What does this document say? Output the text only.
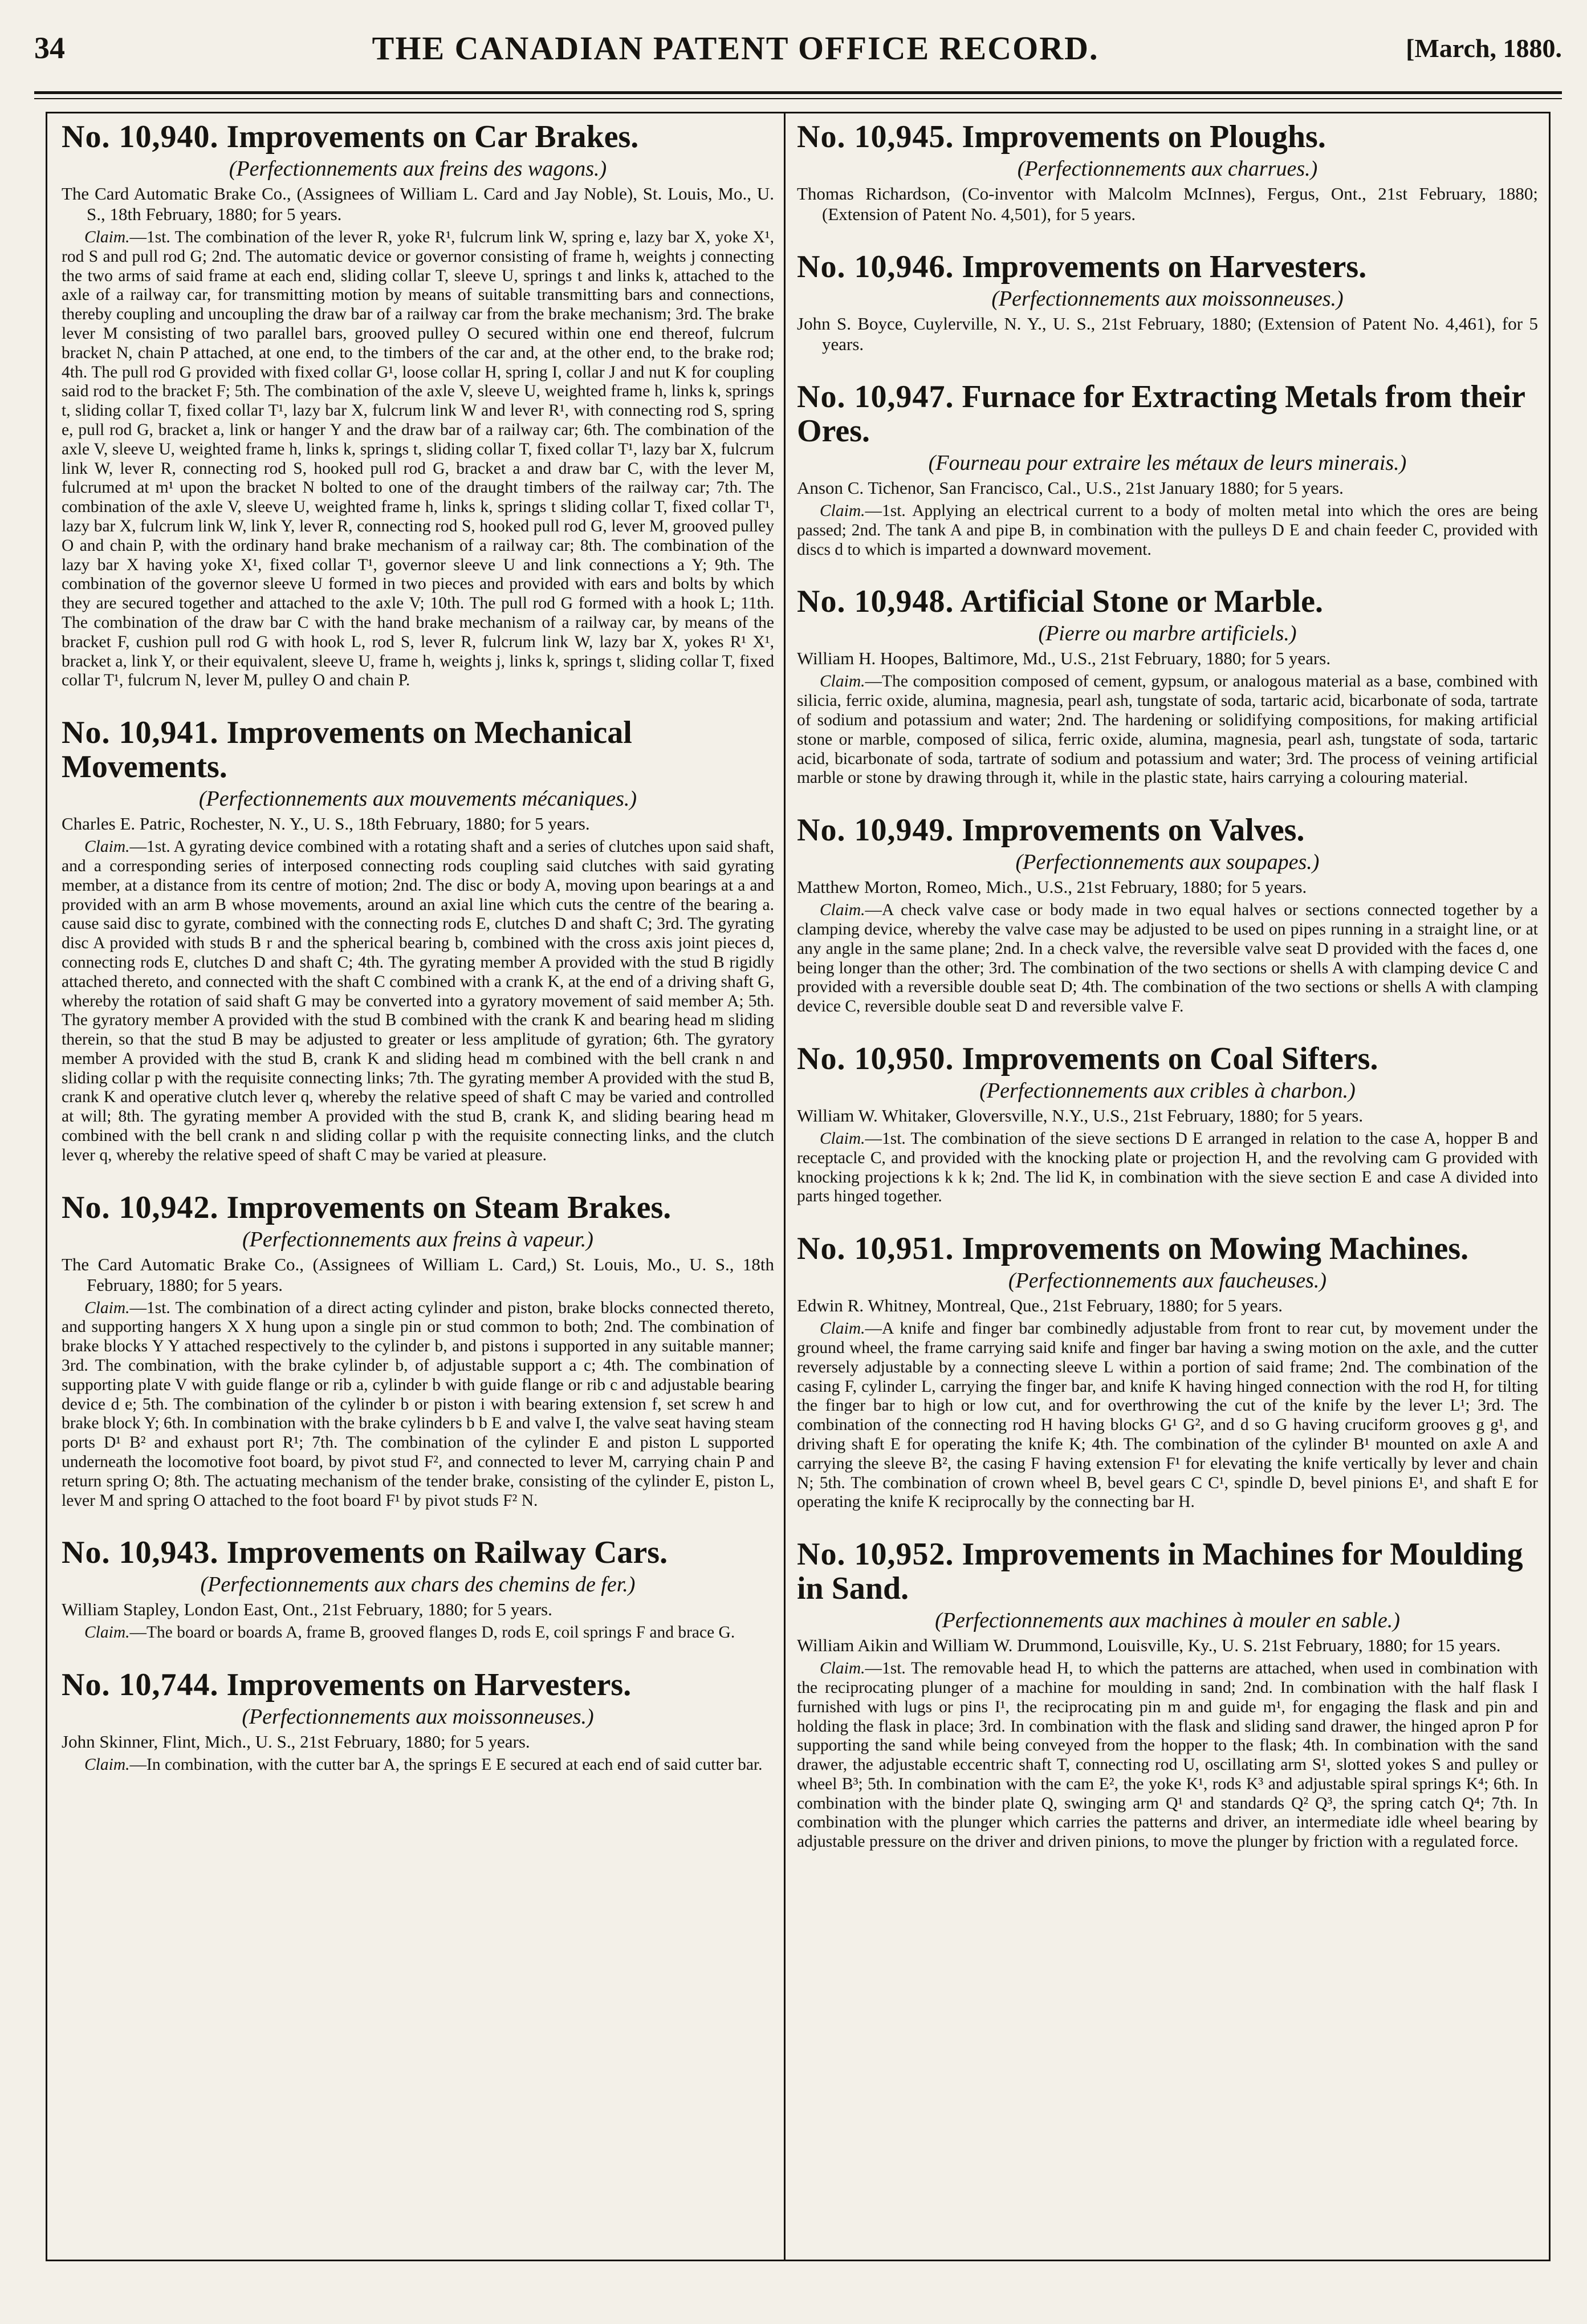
34	THE CANADIAN PATENT OFFICE RECORD.	[March, 1880.
No. 10,940. Improvements on Car Brakes.
(Perfectionnements aux freins des wagons.)
The Card Automatic Brake Co., (Assignees of William L. Card and Jay Noble), St. Louis, Mo., U. S., 18th February, 1880; for 5 years.

Claim.—1st. The combination of the lever R, yoke R¹, fulcrum link W, spring e, lazy bar X, yoke X¹, rod S and pull rod G; 2nd. The automatic device or governor consisting of frame h, weights j connecting the two arms of said frame at each end, sliding collar T, sleeve U, springs t and links k, attached to the axle of a railway car, for transmitting motion by means of suitable transmitting bars and connections, thereby coupling and uncoupling the draw bar of a railway car from the brake mechanism; 3rd. The brake lever M consisting of two parallel bars, grooved pulley O secured within one end thereof, fulcrum bracket N, chain P attached, at one end, to the timbers of the car and, at the other end, to the brake rod; 4th. The pull rod G provided with fixed collar G¹, loose collar H, spring I, collar J and nut K for coupling said rod to the bracket F; 5th. The combination of the axle V, sleeve U, weighted frame h, links k, springs t, sliding collar T, fixed collar T¹, lazy bar X, fulcrum link W and lever R¹, with connecting rod S, spring e, pull rod G, bracket a, link or hanger Y and the draw bar of a railway car; 6th. The combination of the axle V, sleeve U, weighted frame h, links k, springs t, sliding collar T, fixed collar T¹, lazy bar X, fulcrum link W, lever R, connecting rod S, hooked pull rod G, bracket a and draw bar C, with the lever M, fulcrumed at m¹ upon the bracket N bolted to one of the draught timbers of the railway car; 7th. The combination of the axle V, sleeve U, weighted frame h, links k, springs t sliding collar T, fixed collar T¹, lazy bar X, fulcrum link W, link Y, lever R, connecting rod S, hooked pull rod G, lever M, grooved pulley O and chain P, with the ordinary hand brake mechanism of a railway car; 8th. The combination of the lazy bar X having yoke X¹, fixed collar T¹, governor sleeve U and link connections a Y; 9th. The combination of the governor sleeve U formed in two pieces and provided with ears and bolts by which they are secured together and attached to the axle V; 10th. The pull rod G formed with a hook L; 11th. The combination of the draw bar C with the hand brake mechanism of a railway car, by means of the bracket F, cushion pull rod G with hook L, rod S, lever R, fulcrum link W, lazy bar X, yokes R¹ X¹, bracket a, link Y, or their equivalent, sleeve U, frame h, weights j, links k, springs t, sliding collar T, fixed collar T¹, fulcrum N, lever M, pulley O and chain P.

No. 10,941. Improvements on Mechanical Movements.
(Perfectionnements aux mouvements mécaniques.)
Charles E. Patric, Rochester, N. Y., U. S., 18th February, 1880; for 5 years.

Claim.—1st. A gyrating device combined with a rotating shaft and a series of clutches upon said shaft, and a corresponding series of interposed connecting rods coupling said clutches with said gyrating member, at a distance from its centre of motion; 2nd. The disc or body A, moving upon bearings at a and provided with an arm B whose movements, around an axial line which cuts the centre of the bearing a. cause said disc to gyrate, combined with the connecting rods E, clutches D and shaft C; 3rd. The gyrating disc A provided with studs B r and the spherical bearing b, combined with the cross axis joint pieces d, connecting rods E, clutches D and shaft C; 4th. The gyrating member A provided with the stud B rigidly attached thereto, and connected with the shaft C combined with a crank K, at the end of a driving shaft G, whereby the rotation of said shaft G may be converted into a gyratory movement of said member A; 5th. The gyratory member A provided with the stud B combined with the crank K and bearing head m sliding therein, so that the stud B may be adjusted to greater or less amplitude of gyration; 6th. The gyratory member A provided with the stud B, crank K and sliding head m combined with the bell crank n and sliding collar p with the requisite connecting links; 7th. The gyrating member A provided with the stud B, crank K and operative clutch lever q, whereby the relative speed of shaft C may be varied and controlled at will; 8th. The gyrating member A provided with the stud B, crank K, and sliding bearing head m combined with the bell crank n and sliding collar p with the requisite connecting links, and the clutch lever q, whereby the relative speed of shaft C may be varied at pleasure.

No. 10,942. Improvements on Steam Brakes.
(Perfectionnements aux freins à vapeur.)
The Card Automatic Brake Co., (Assignees of William L. Card,) St. Louis, Mo., U. S., 18th February, 1880; for 5 years.

Claim.—1st. The combination of a direct acting cylinder and piston, brake blocks connected thereto, and supporting hangers X X hung upon a single pin or stud common to both; 2nd. The combination of brake blocks Y Y attached respectively to the cylinder b, and pistons i supported in any suitable manner; 3rd. The combination, with the brake cylinder b, of adjustable support a c; 4th. The combination of supporting plate V with guide flange or rib a, cylinder b with guide flange or rib c and adjustable bearing device d e; 5th. The combination of the cylinder b or piston i with bearing extension f, set screw h and brake block Y; 6th. In combination with the brake cylinders b b E and valve I, the valve seat having steam ports D¹ B² and exhaust port R¹; 7th. The combination of the cylinder E and piston L supported underneath the locomotive foot board, by pivot stud F², and connected to lever M, carrying chain P and return spring O; 8th. The actuating mechanism of the tender brake, consisting of the cylinder E, piston L, lever M and spring O attached to the foot board F¹ by pivot studs F² N.

No. 10,943. Improvements on Railway Cars.
(Perfectionnements aux chars des chemins de fer.)
William Stapley, London East, Ont., 21st February, 1880; for 5 years.

Claim.—The board or boards A, frame B, grooved flanges D, rods E, coil springs F and brace G.

No. 10,744. Improvements on Harvesters.
(Perfectionnements aux moissonneuses.)
John Skinner, Flint, Mich., U. S., 21st February, 1880; for 5 years.

Claim.—In combination, with the cutter bar A, the springs E E secured at each end of said cutter bar.

No. 10,945. Improvements on Ploughs.
(Perfectionnements aux charrues.)
Thomas Richardson, (Co-inventor with Malcolm McInnes), Fergus, Ont., 21st February, 1880; (Extension of Patent No. 4,501), for 5 years.

No. 10,946. Improvements on Harvesters.
(Perfectionnements aux moissonneuses.)
John S. Boyce, Cuylerville, N. Y., U. S., 21st February, 1880; (Extension of Patent No. 4,461), for 5 years.

No. 10,947. Furnace for Extracting Metals from their Ores.
(Fourneau pour extraire les métaux de leurs minerais.)
Anson C. Tichenor, San Francisco, Cal., U.S., 21st January 1880; for 5 years.

Claim.—1st. Applying an electrical current to a body of molten metal into which the ores are being passed; 2nd. The tank A and pipe B, in combination with the pulleys D E and chain feeder C, provided with discs d to which is imparted a downward movement.

No. 10,948. Artificial Stone or Marble.
(Pierre ou marbre artificiels.)
William H. Hoopes, Baltimore, Md., U.S., 21st February, 1880; for 5 years.

Claim.—The composition composed of cement, gypsum, or analogous material as a base, combined with silicia, ferric oxide, alumina, magnesia, pearl ash, tungstate of soda, tartaric acid, bicarbonate of soda, tartrate of sodium and potassium and water; 2nd. The hardening or solidifying compositions, for making artificial stone or marble, composed of silica, ferric oxide, alumina, magnesia, pearl ash, tungstate of soda, tartaric acid, bicarbonate of soda, tartrate of sodium and potassium and water; 3rd. The process of veining artificial marble or stone by drawing through it, while in the plastic state, hairs carrying a colouring material.

No. 10,949. Improvements on Valves.
(Perfectionnements aux soupapes.)
Matthew Morton, Romeo, Mich., U.S., 21st February, 1880; for 5 years.

Claim.—A check valve case or body made in two equal halves or sections connected together by a clamping device, whereby the valve case may be adjusted to be used on pipes running in a straight line, or at any angle in the same plane; 2nd. In a check valve, the reversible valve seat D provided with the faces d, one being longer than the other; 3rd. The combination of the two sections or shells A with clamping device C and provided with a reversible double seat D; 4th. The combination of the two sections or shells A with clamping device C, reversible double seat D and reversible valve F.

No. 10,950. Improvements on Coal Sifters.
(Perfectionnements aux cribles à charbon.)
William W. Whitaker, Gloversville, N.Y., U.S., 21st February, 1880; for 5 years.

Claim.—1st. The combination of the sieve sections D E arranged in relation to the case A, hopper B and receptacle C, and provided with the knocking plate or projection H, and the revolving cam G provided with knocking projections k k k; 2nd. The lid K, in combination with the sieve section E and case A divided into parts hinged together.

No. 10,951. Improvements on Mowing Machines.
(Perfectionnements aux faucheuses.)
Edwin R. Whitney, Montreal, Que., 21st February, 1880; for 5 years.

Claim.—A knife and finger bar combinedly adjustable from front to rear cut, by movement under the ground wheel, the frame carrying said knife and finger bar having a swing motion on the axle, and the cutter reversely adjustable by a connecting sleeve L within a portion of said frame; 2nd. The combination of the casing F, cylinder L, carrying the finger bar, and knife K having hinged connection with the rod H, for tilting the finger bar to high or low cut, and for overthrowing the cut of the knife by the lever L¹; 3rd. The combination of the connecting rod H having blocks G¹ G², and d so G having cruciform grooves g g¹, and driving shaft E for operating the knife K; 4th. The combination of the cylinder B¹ mounted on axle A and carrying the sleeve B², the casing F having extension F¹ for elevating the knife vertically by lever and chain N; 5th. The combination of crown wheel B, bevel gears C C¹, spindle D, bevel pinions E¹, and shaft E for operating the knife K reciprocally by the connecting bar H.

No. 10,952. Improvements in Machines for Moulding in Sand.
(Perfectionnements aux machines à mouler en sable.)
William Aikin and William W. Drummond, Louisville, Ky., U. S. 21st February, 1880; for 15 years.

Claim.—1st. The removable head H, to which the patterns are attached, when used in combination with the reciprocating plunger of a machine for moulding in sand; 2nd. In combination with the half flask I furnished with lugs or pins I¹, the reciprocating pin m and guide m¹, for engaging the flask and pin and holding the flask in place; 3rd. In combination with the flask and sliding sand drawer, the hinged apron P for supporting the sand while being conveyed from the hopper to the flask; 4th. In combination with the sand drawer, the adjustable eccentric shaft T, connecting rod U, oscillating arm S¹, slotted yokes S and pulley or wheel B³; 5th. In combination with the cam E², the yoke K¹, rods K³ and adjustable spiral springs K⁴; 6th. In combination with the binder plate Q, swinging arm Q¹ and standards Q² Q³, the spring catch Q⁴; 7th. In combination with the plunger which carries the patterns and driver, an intermediate idle wheel bearing by adjustable pressure on the driver and driven pinions, to move the plunger by friction with a regulated force.
